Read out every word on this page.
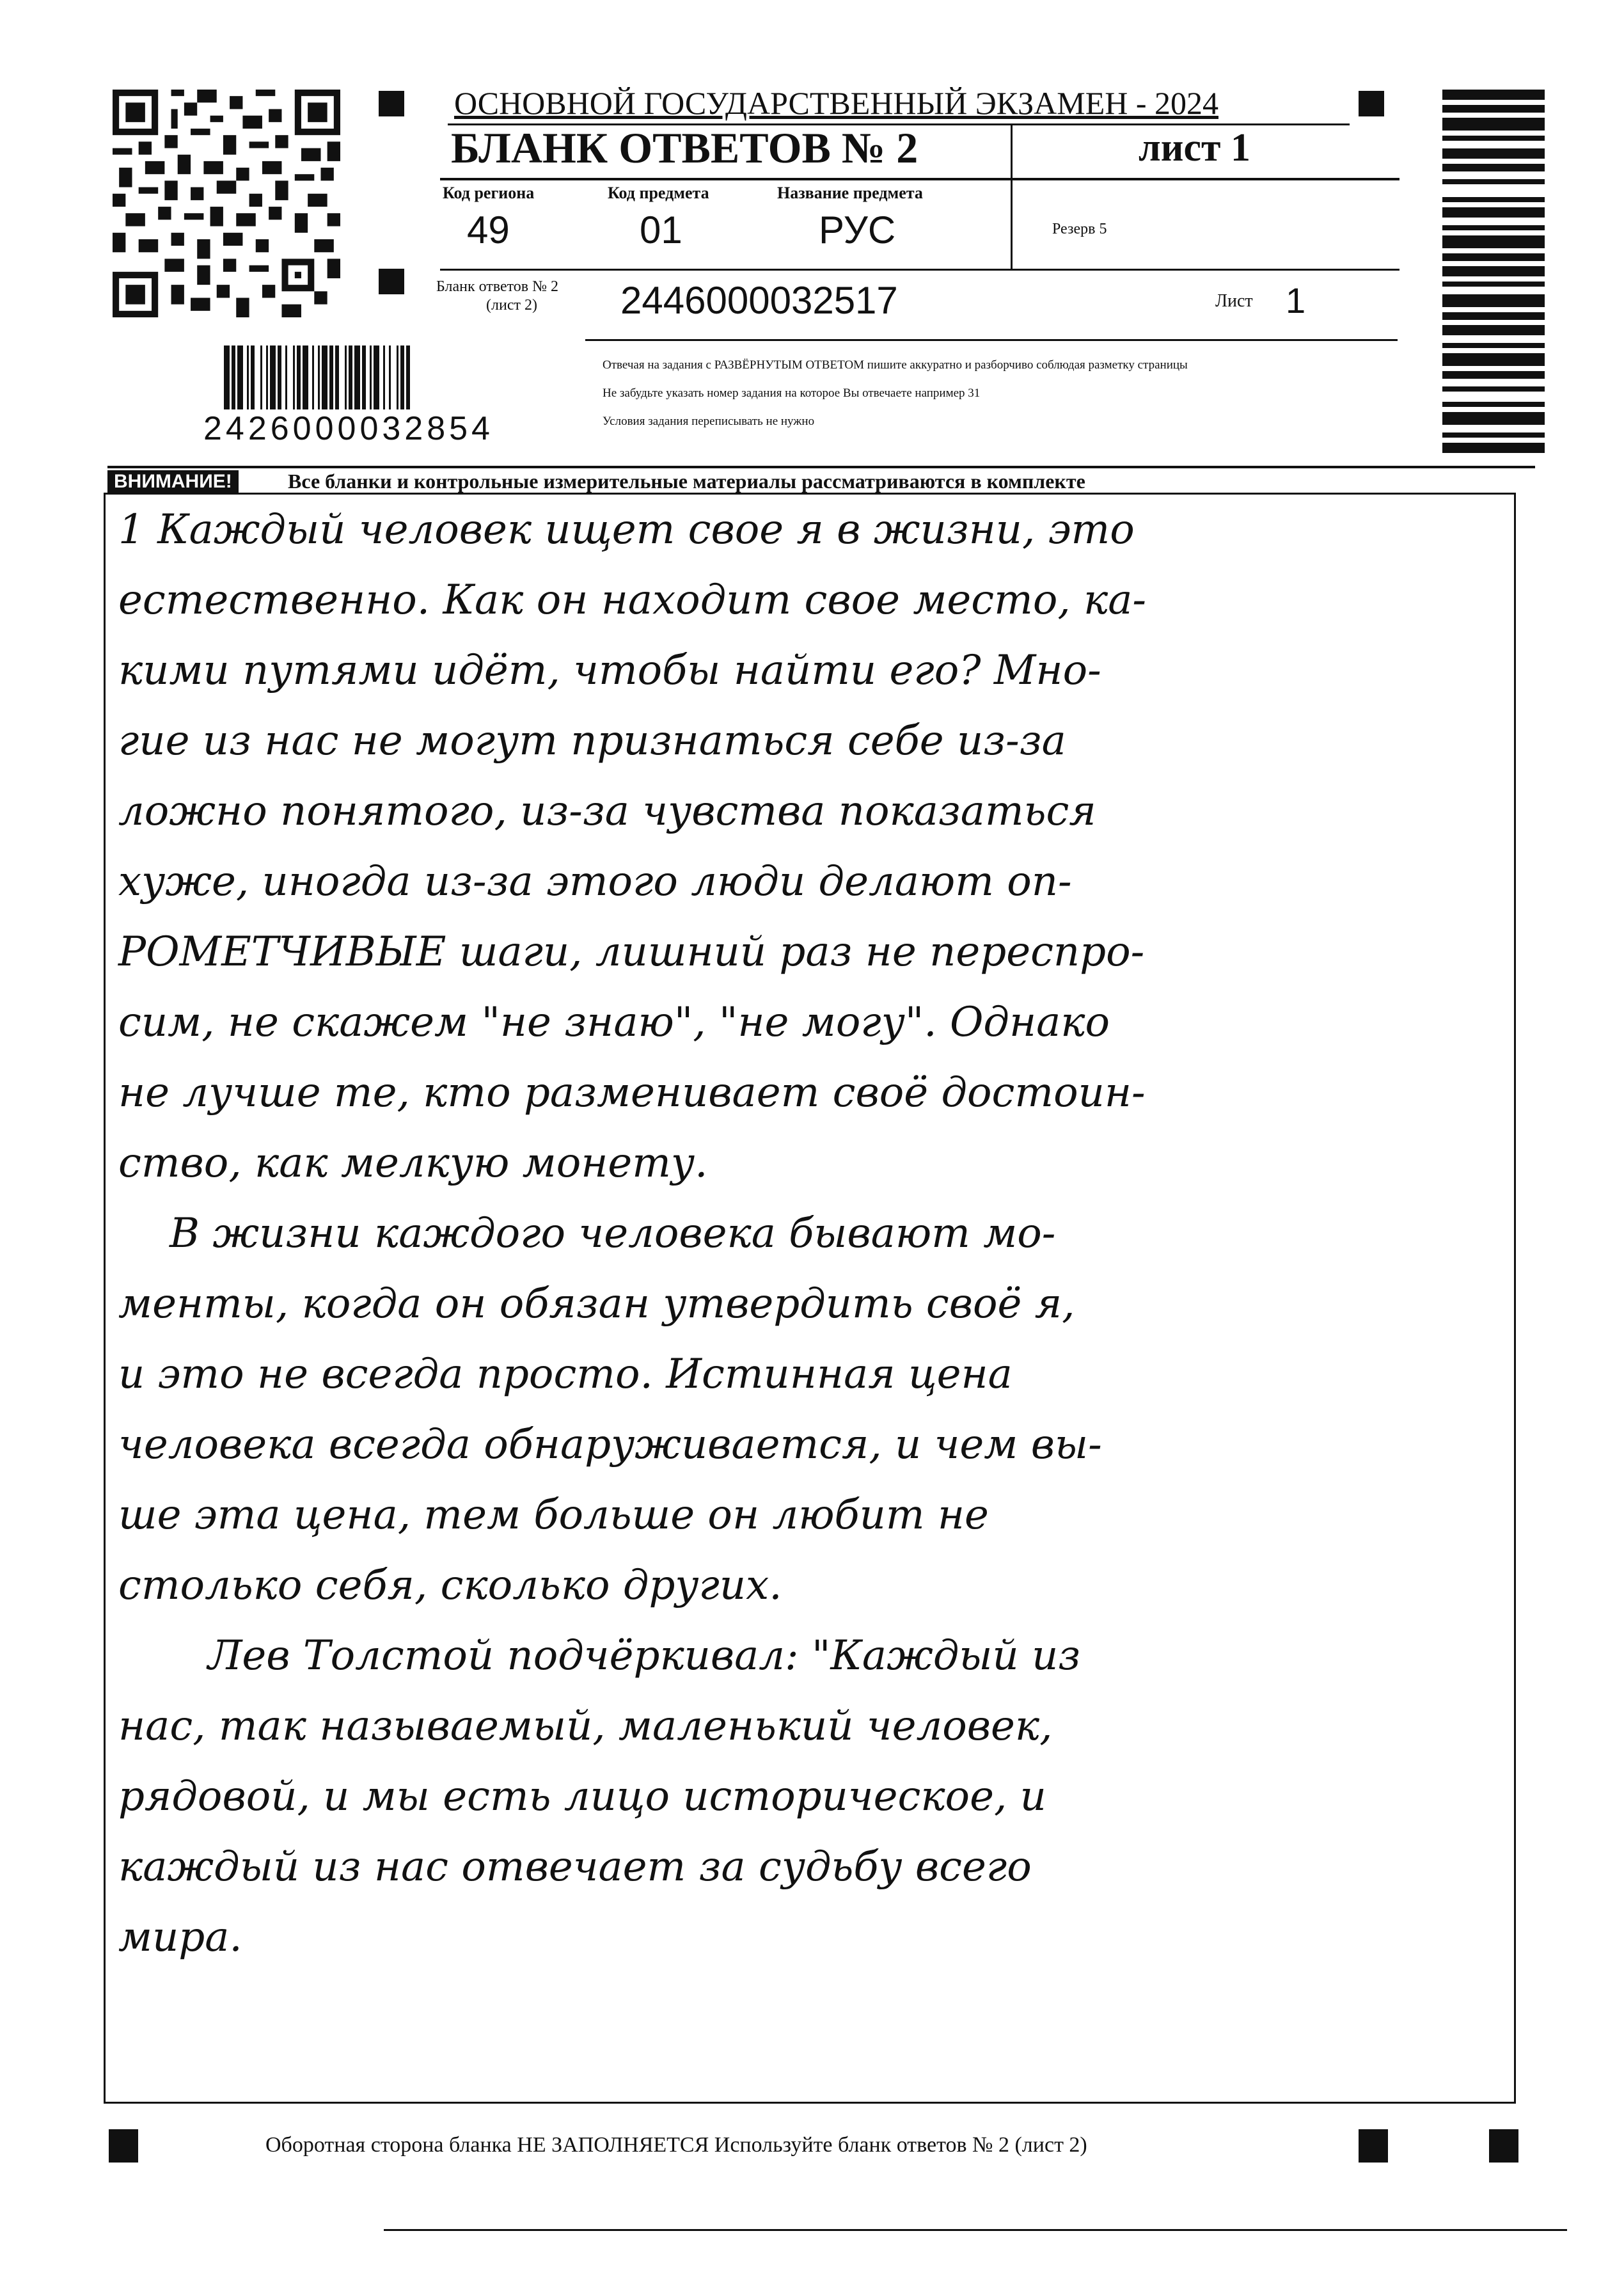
ОСНОВНОЙ ГОСУДАРСТВЕННЫЙ ЭКЗАМЕН - 2024
БЛАНК ОТВЕТОВ № 2	лист 1
Код региона
49
Код предмета
01
Название предмета
РУС	Резерв 5
Бланк ответов № 2
(лист 2) 2446000032517	Лист 1
Отвечая на задания с РАЗВЁРНУТЫМ ОТВЕТОМ пишите аккуратно и разборчиво соблюдая разметку страницы
Не забудьте указать номер задания на которое Вы отвечаете например 31
Условия задания переписывать не нужно
2426000032854
ВНИМАНИЕ!	Все бланки и контрольные измерительные материалы рассматриваются в комплекте
1 Каждый человек ищет свое я в жизни, это
естественно. Как он находит свое место, ка-
кими путями идёт, чтобы найти его? Мно-
гие из нас не могут признаться себе из-за
ложно понятого, из-за чувства показаться
хуже, иногда из-за этого люди делают оп-
РОМЕТЧИВЫЕ шаги, лишний раз не переспро-
сим, не скажем "не знаю", "не могу". Однако
не лучше те, кто разменивает своё достоин-
ство, как мелкую монету.
В жизни каждого человека бывают мо-
менты, когда он обязан утвердить своё я,
и это не всегда просто. Истинная цена
человека всегда обнаруживается, и чем вы-
ше эта цена, тем больше он любит не
столько себя, сколько других.
Лев Толстой подчёркивал: "Каждый из
нас, так называемый, маленький человек,
рядовой, и мы есть лицо историческое, и
каждый из нас отвечает за судьбу всего
мира.
Оборотная сторона бланка НЕ ЗАПОЛНЯЕТСЯ Используйте бланк ответов № 2 (лист 2)
